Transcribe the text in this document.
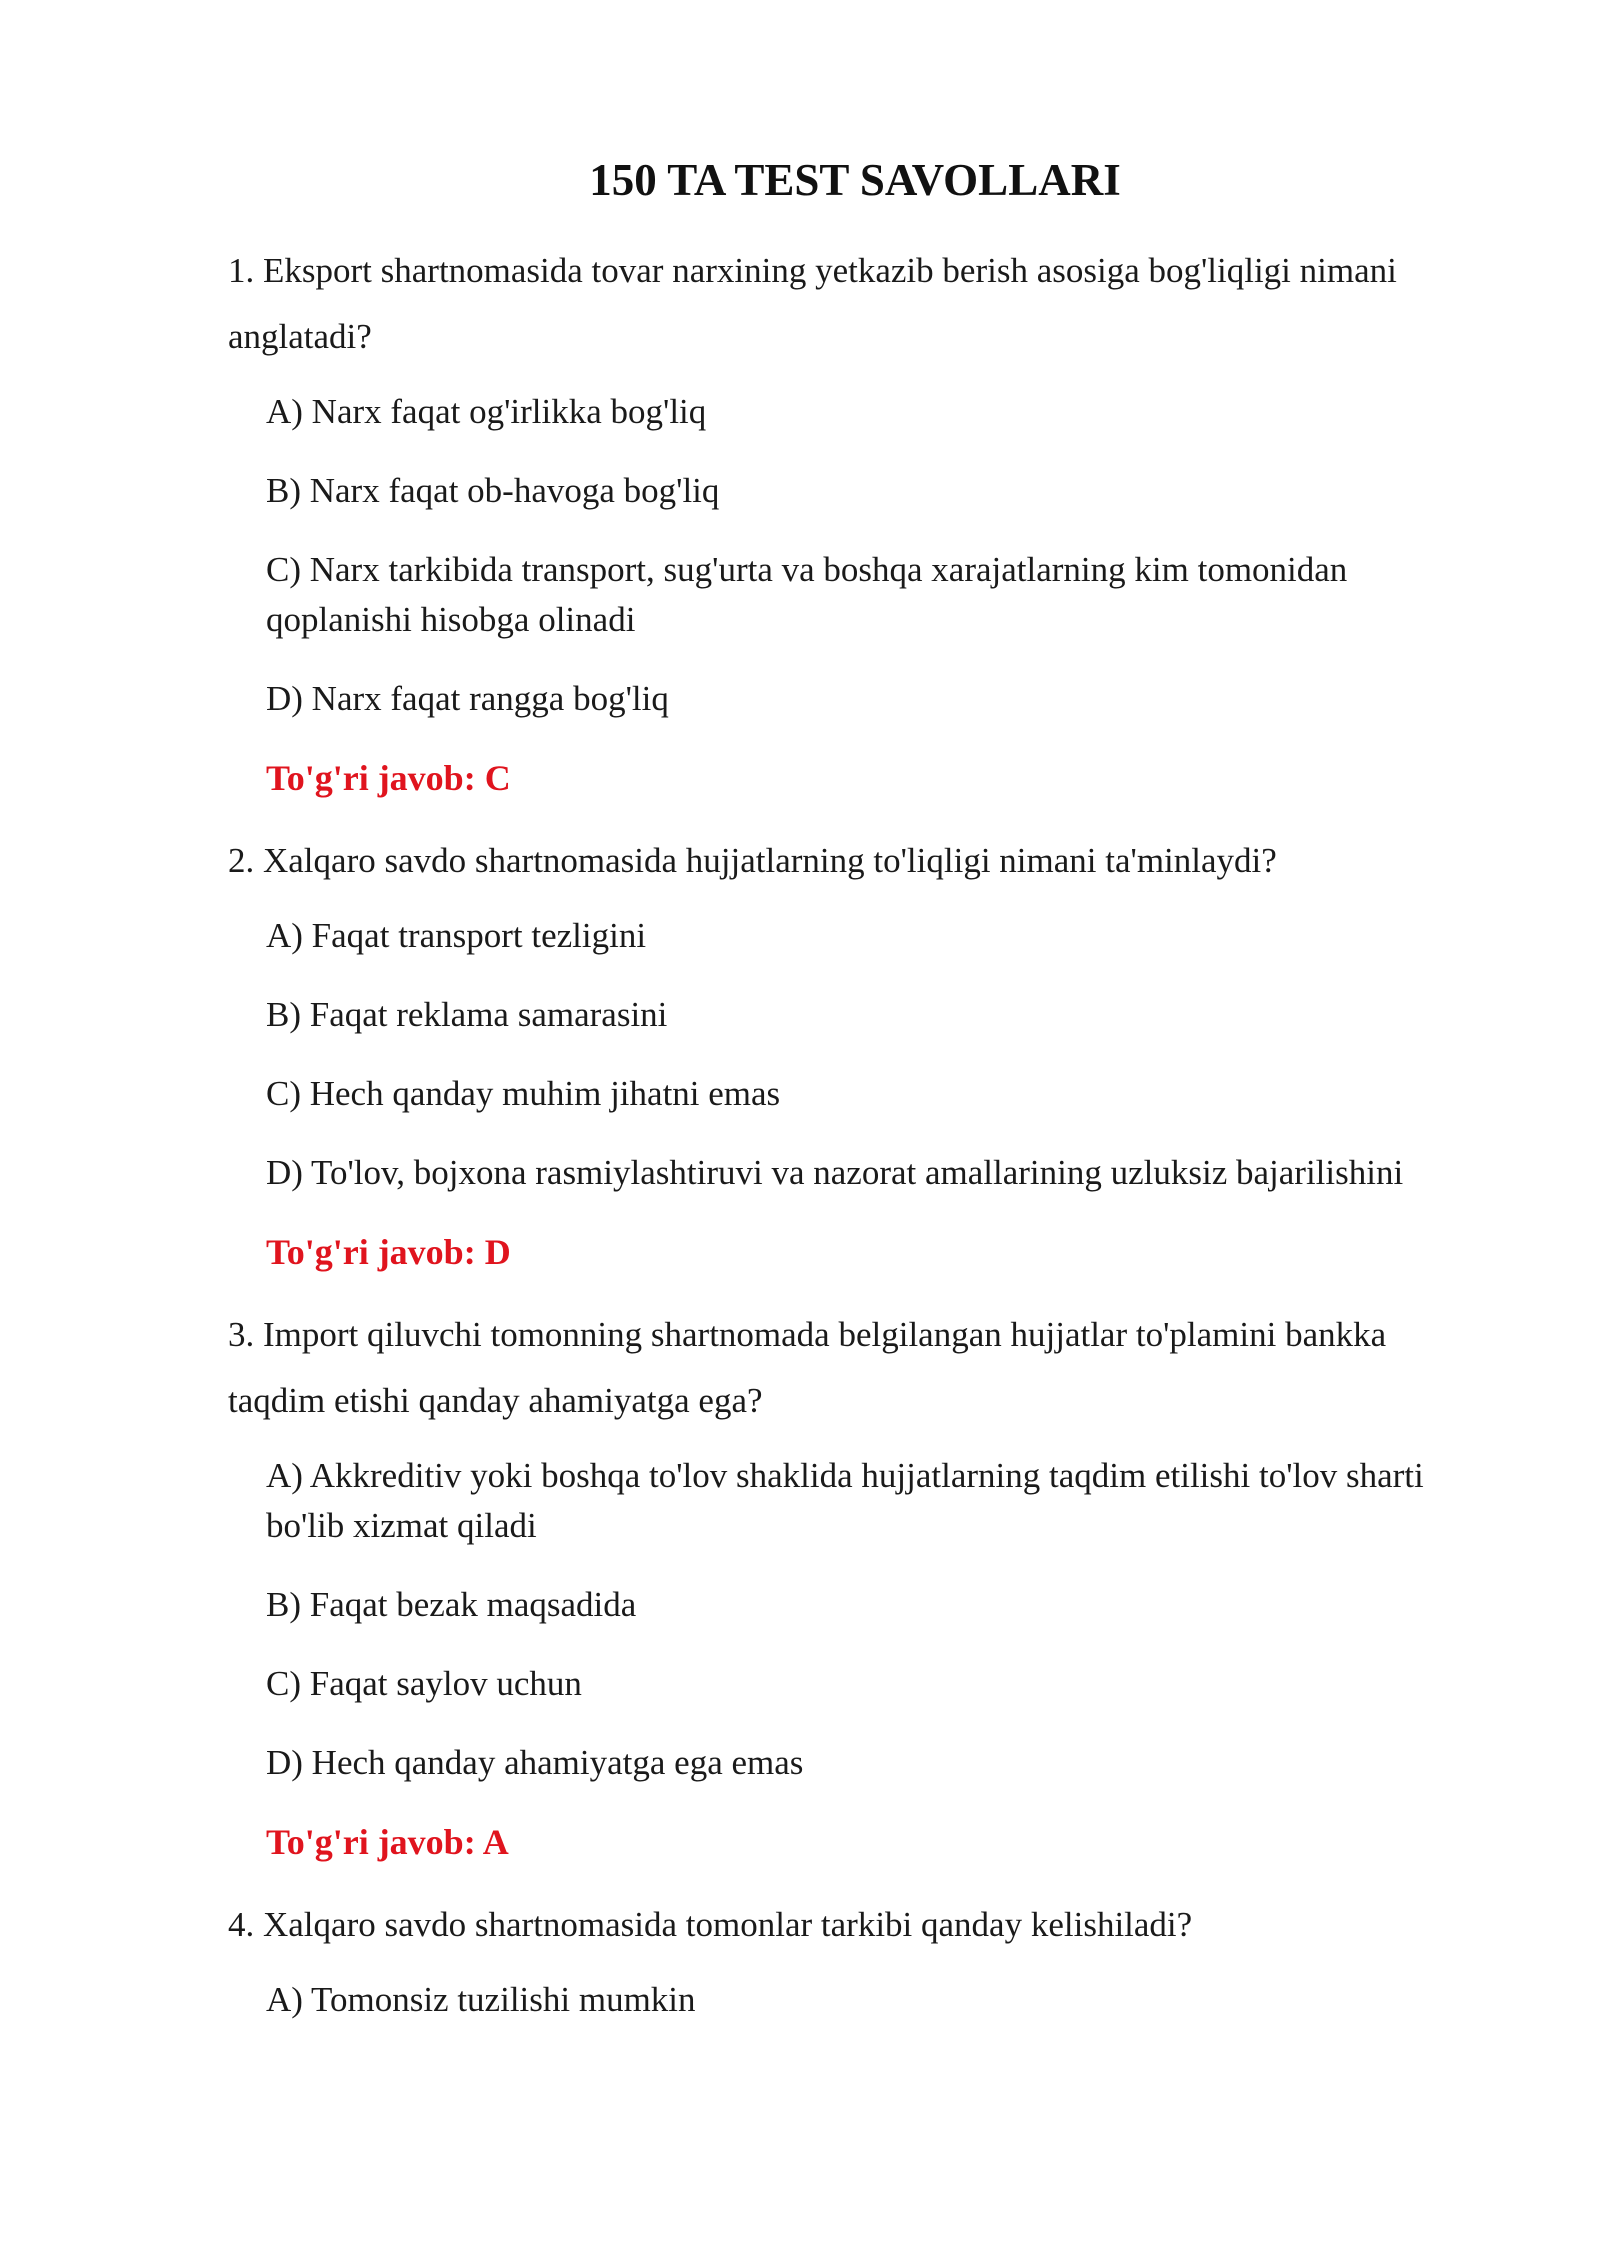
150 TA TEST SAVOLLARI

1. Eksport shartnomasida tovar narxining yetkazib berish asosiga bog'liqligi nimani anglatadi?

A) Narx faqat og'irlikka bog'liq
B) Narx faqat ob-havoga bog'liq
C) Narx tarkibida transport, sug'urta va boshqa xarajatlarning kim tomonidan qoplanishi hisobga olinadi
D) Narx faqat rangga bog'liq

To'g'ri javob: C

2. Xalqaro savdo shartnomasida hujjatlarning to'liqligi nimani ta'minlaydi?

A) Faqat transport tezligini
B) Faqat reklama samarasini
C) Hech qanday muhim jihatni emas
D) To'lov, bojxona rasmiylashtiruvi va nazorat amallarining uzluksiz bajarilishini

To'g'ri javob: D

3. Import qiluvchi tomonning shartnomada belgilangan hujjatlar to'plamini bankka taqdim etishi qanday ahamiyatga ega?

A) Akkreditiv yoki boshqa to'lov shaklida hujjatlarning taqdim etilishi to'lov sharti bo'lib xizmat qiladi
B) Faqat bezak maqsadida
C) Faqat saylov uchun
D) Hech qanday ahamiyatga ega emas

To'g'ri javob: A

4. Xalqaro savdo shartnomasida tomonlar tarkibi qanday kelishiladi?

A) Tomonsiz tuzilishi mumkin
